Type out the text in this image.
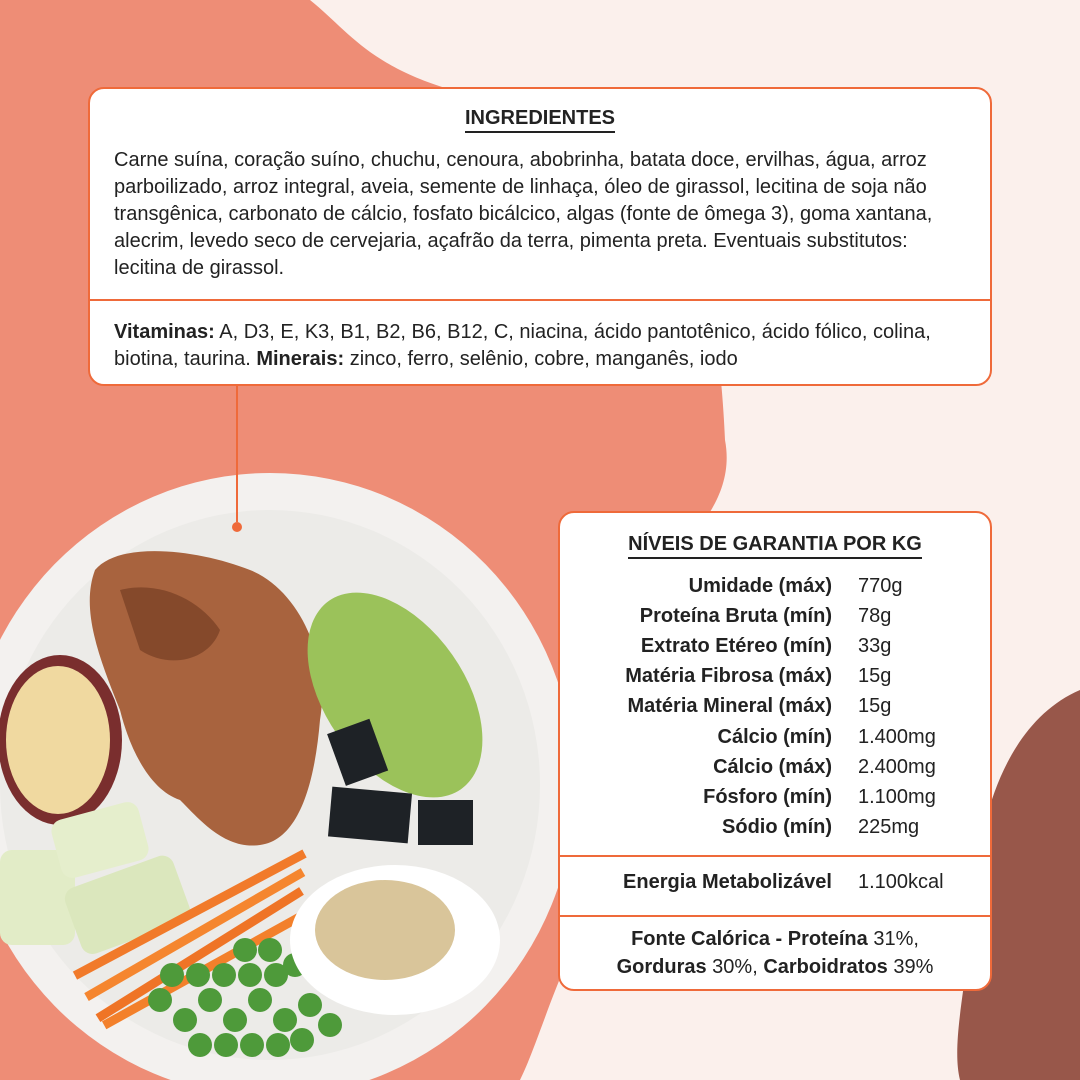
INGREDIENTES
Carne suína, coração suíno, chuchu, cenoura, abobrinha, batata doce, ervilhas, água, arroz parboilizado, arroz integral, aveia, semente de linhaça, óleo de girassol, lecitina de soja não transgênica, carbonato de cálcio, fosfato bicálcico, algas (fonte de ômega 3), goma xantana, alecrim, levedo seco de cervejaria, açafrão da terra, pimenta preta. Eventuais substitutos: lecitina de girassol.
Vitaminas: A, D3, E, K3, B1, B2, B6, B12, C, niacina, ácido pantotênico, ácido fólico, colina, biotina, taurina. Minerais: zinco, ferro, selênio, cobre, manganês, iodo
NÍVEIS DE GARANTIA POR KG
Umidade (máx) 770g
Proteína Bruta (mín) 78g
Extrato Etéreo (mín) 33g
Matéria Fibrosa (máx) 15g
Matéria Mineral (máx) 15g
Cálcio (mín) 1.400mg
Cálcio (máx) 2.400mg
Fósforo (mín) 1.100mg
Sódio (mín) 225mg
Energia Metabolizável 1.100kcal
Fonte Calórica - Proteína 31%,
Gorduras 30%, Carboidratos 39%
